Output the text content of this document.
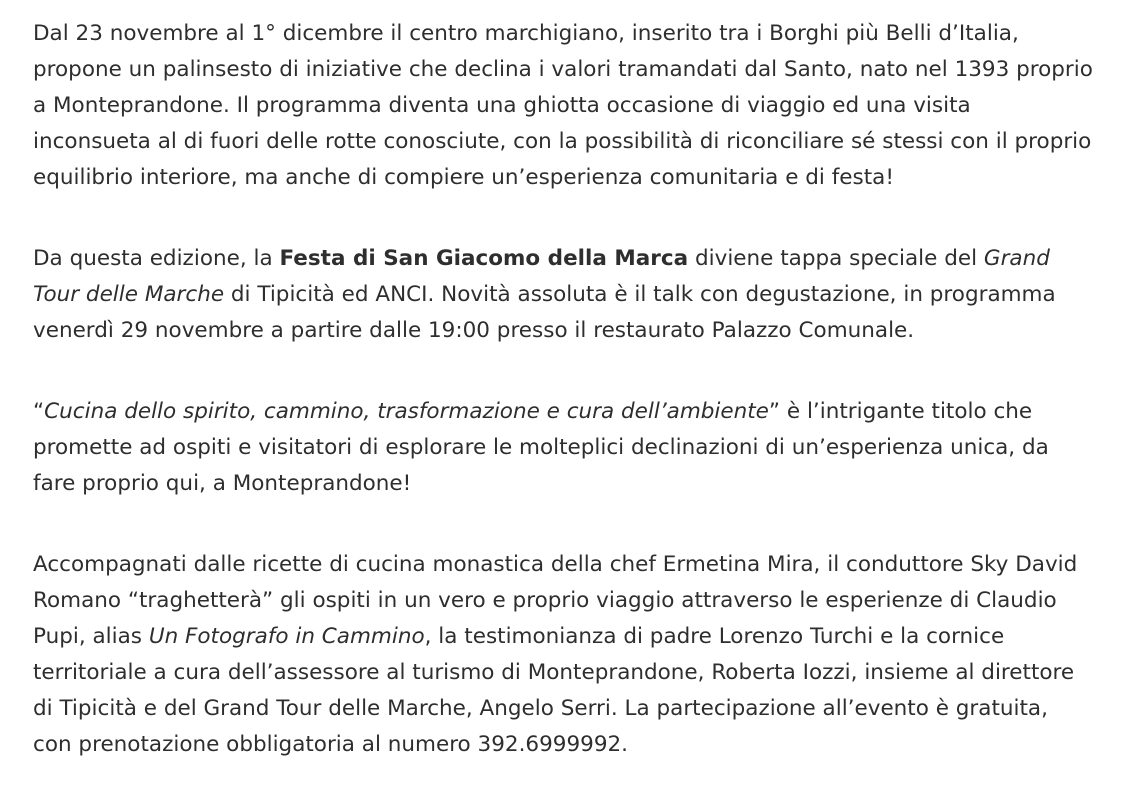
Dal 23 novembre al 1° dicembre il centro marchigiano, inserito tra i Borghi più Belli d’Italia, propone un palinsesto di iniziative che declina i valori tramandati dal Santo, nato nel 1393 proprio a Monteprandone. Il programma diventa una ghiotta occasione di viaggio ed una visita inconsueta al di fuori delle rotte conosciute, con la possibilità di riconciliare sé stessi con il proprio equilibrio interiore, ma anche di compiere un’esperienza comunitaria e di festa!

Da questa edizione, la Festa di San Giacomo della Marca diviene tappa speciale del Grand Tour delle Marche di Tipicità ed ANCI. Novità assoluta è il talk con degustazione, in programma venerdì 29 novembre a partire dalle 19:00 presso il restaurato Palazzo Comunale.

“Cucina dello spirito, cammino, trasformazione e cura dell’ambiente” è l’intrigante titolo che promette ad ospiti e visitatori di esplorare le molteplici declinazioni di un’esperienza unica, da fare proprio qui, a Monteprandone!

Accompagnati dalle ricette di cucina monastica della chef Ermetina Mira, il conduttore Sky David Romano “traghetterà” gli ospiti in un vero e proprio viaggio attraverso le esperienze di Claudio Pupi, alias Un Fotografo in Cammino, la testimonianza di padre Lorenzo Turchi e la cornice territoriale a cura dell’assessore al turismo di Monteprandone, Roberta Iozzi, insieme al direttore di Tipicità e del Grand Tour delle Marche, Angelo Serri. La partecipazione all’evento è gratuita, con prenotazione obbligatoria al numero 392.6999992.
